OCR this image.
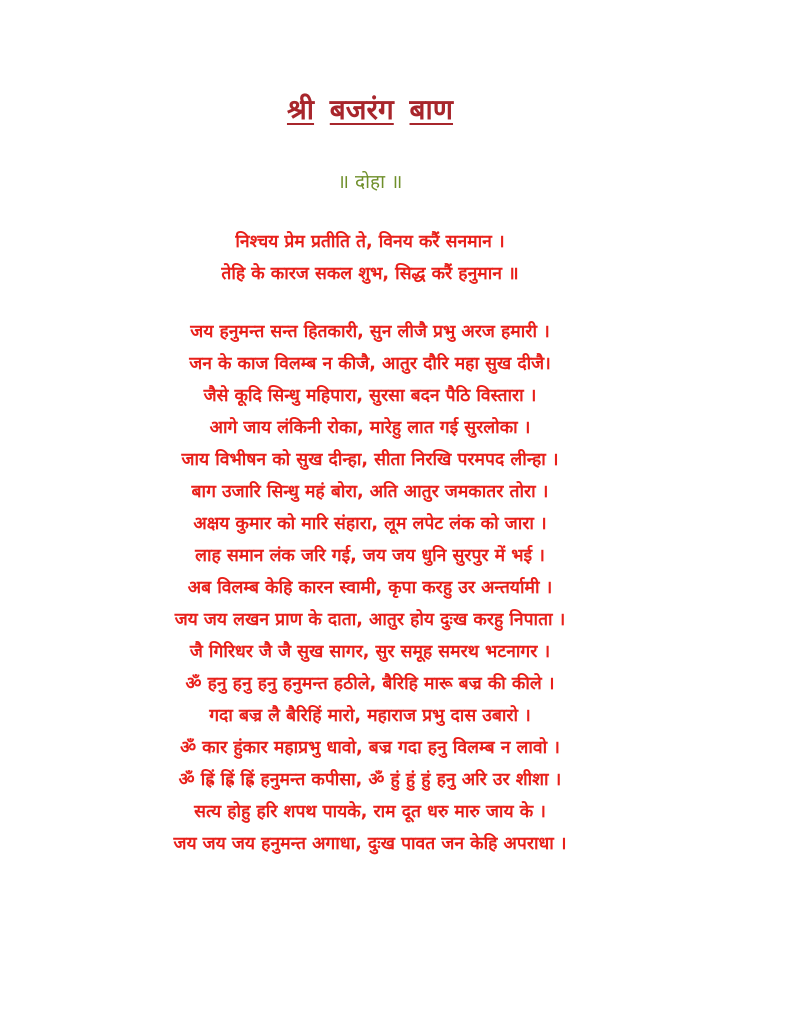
श्री बजरंग बाण
॥ दोहा ॥
निश्चय प्रेम प्रतीति ते, विनय करैं सनमान ।
तेहि के कारज सकल शुभ, सिद्ध करैं हनुमान ॥
जय हनुमन्त सन्त हितकारी, सुन लीजै प्रभु अरज हमारी ।
जन के काज विलम्ब न कीजै, आतुर दौरि महा सुख दीजै।
जैसे कूदि सिन्धु महिपारा, सुरसा बदन पैठि विस्तारा ।
आगे जाय लंकिनी रोका, मारेहु लात गई सुरलोका ।
जाय विभीषन को सुख दीन्हा, सीता निरखि परमपद लीन्हा ।
बाग उजारि सिन्धु महं बोरा, अति आतुर जमकातर तोरा ।
अक्षय कुमार को मारि संहारा, लूम लपेट लंक को जारा ।
लाह समान लंक जरि गई, जय जय धुनि सुरपुर में भई ।
अब विलम्ब केहि कारन स्वामी, कृपा करहु उर अन्तर्यामी ।
जय जय लखन प्राण के दाता, आतुर होय दुःख करहु निपाता ।
जै गिरिधर जै जै सुख सागर, सुर समूह समरथ भटनागर ।
ॐ हनु हनु हनु हनुमन्त हठीले, बैरिहि मारू बज्र की कीले ।
गदा बज्र लै बैरिहिं मारो, महाराज प्रभु दास उबारो ।
ॐ कार हुंकार महाप्रभु धावो, बज्र गदा हनु विलम्ब न लावो ।
ॐ ह्रिं ह्रिं ह्रिं हनुमन्त कपीसा, ॐ हुं हुं हुं हनु अरि उर शीशा ।
सत्य होहु हरि शपथ पायके, राम दूत धरु मारु जाय के ।
जय जय जय हनुमन्त अगाधा, दुःख पावत जन केहि अपराधा ।
